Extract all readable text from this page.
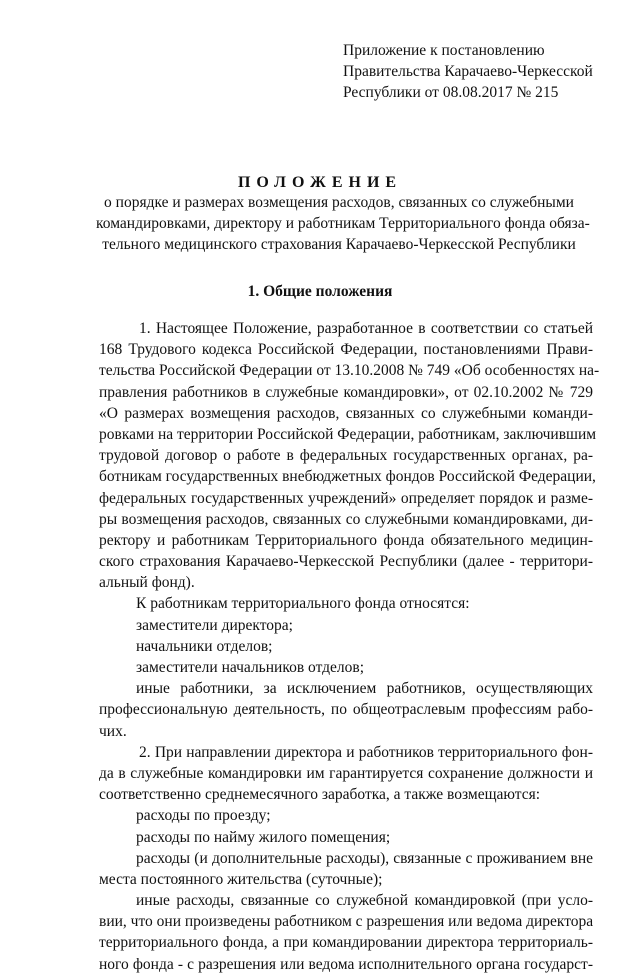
Приложение к постановлению
Правительства Карачаево-Черкесской
Республики от 08.08.2017 № 215
ПОЛОЖЕНИЕ
о порядке и размерах возмещения расходов, связанных со служебными
командировками, директору и работникам Территориального фонда обяза-
тельного медицинского страхования Карачаево-Черкесской Республики
1. Общие положения
1. Настоящее Положение, разработанное в соответствии со статьей
168 Трудового кодекса Российской Федерации, постановлениями Прави-
тельства Российской Федерации от 13.10.2008 № 749 «Об особенностях на-
правления работников в служебные командировки», от 02.10.2002 № 729
«О размерах возмещения расходов, связанных со служебными команди-
ровками на территории Российской Федерации, работникам, заключившим
трудовой договор о работе в федеральных государственных органах, ра-
ботникам государственных внебюджетных фондов Российской Федерации,
федеральных государственных учреждений» определяет порядок и разме-
ры возмещения расходов, связанных со служебными командировками, ди-
ректору и работникам Территориального фонда обязательного медицин-
ского страхования Карачаево-Черкесской Республики (далее - территори-
альный фонд).
К работникам территориального фонда относятся:
заместители директора;
начальники отделов;
заместители начальников отделов;
иные работники, за исключением работников, осуществляющих
профессиональную деятельность, по общеотраслевым профессиям рабо-
чих.
2. При направлении директора и работников территориального фон-
да в служебные командировки им гарантируется сохранение должности и
соответственно среднемесячного заработка, а также возмещаются:
расходы по проезду;
расходы по найму жилого помещения;
расходы (и дополнительные расходы), связанные с проживанием вне
места постоянного жительства (суточные);
иные расходы, связанные со служебной командировкой (при усло-
вии, что они произведены работником с разрешения или ведома директора
территориального фонда, а при командировании директора территориаль-
ного фонда - с разрешения или ведома исполнительного органа государст-
